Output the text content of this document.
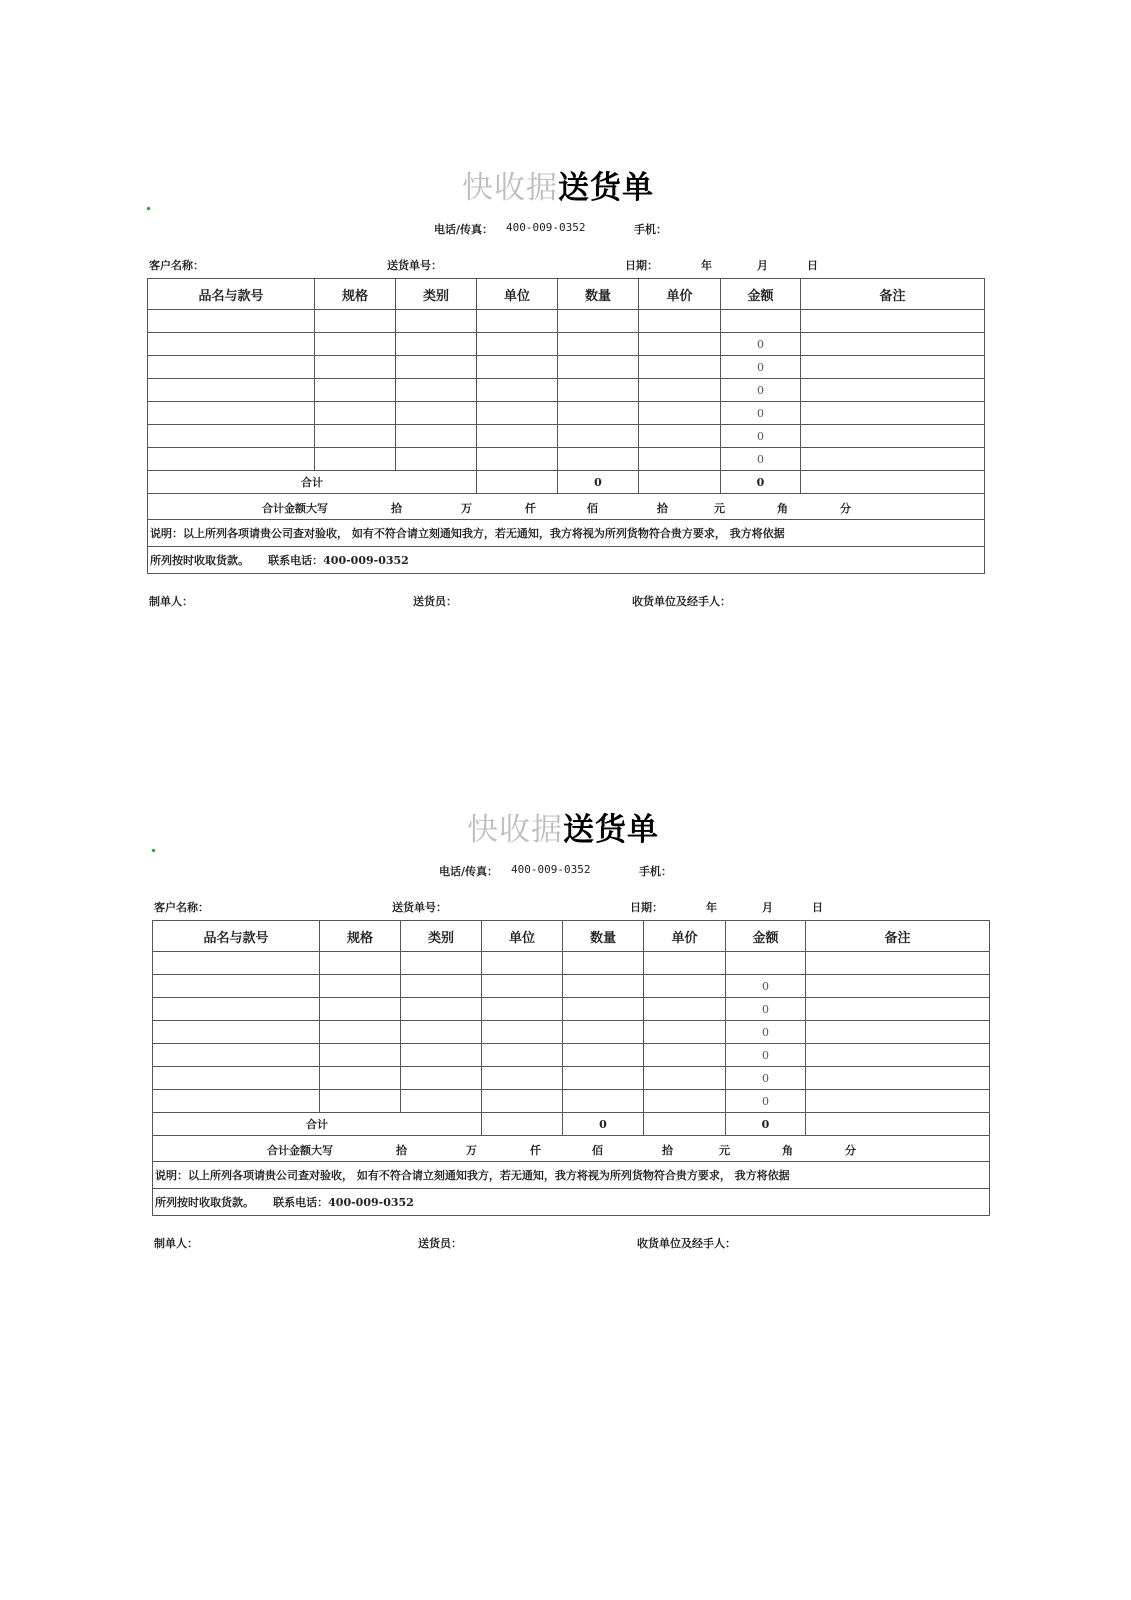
快收据送货单
电话/传真： 400-009-0352	手机：
客户名称：	送货单号：	日期：	年	月	日
品名与款号	规格	类别	单位	数量	单价	金额	备注

						0	
						0	
						0	
						0	
						0	
						0	
合计				0		0	

合计金额大写	拾	万	仟	佰	拾	元	角	分

说明：以上所列各项请贵公司查对验收， 如有不符合请立刻通知我方，若无通知，我方将视为所列货物符合贵方要求， 我方将依据							
所列按时收取货款。     联系电话：400-009-0352							
制单人：	送货员：	收货单位及经手人：
快收据送货单
电话/传真： 400-009-0352	手机：
客户名称：	送货单号：	日期：	年	月	日
品名与款号	规格	类别	单位	数量	单价	金额	备注

						0	
						0	
						0	
						0	
						0	
						0	
合计				0		0	

合计金额大写	拾	万	仟	佰	拾	元	角	分

说明：以上所列各项请贵公司查对验收， 如有不符合请立刻通知我方，若无通知，我方将视为所列货物符合贵方要求， 我方将依据							
所列按时收取货款。     联系电话：400-009-0352							
制单人：	送货员：	收货单位及经手人：
